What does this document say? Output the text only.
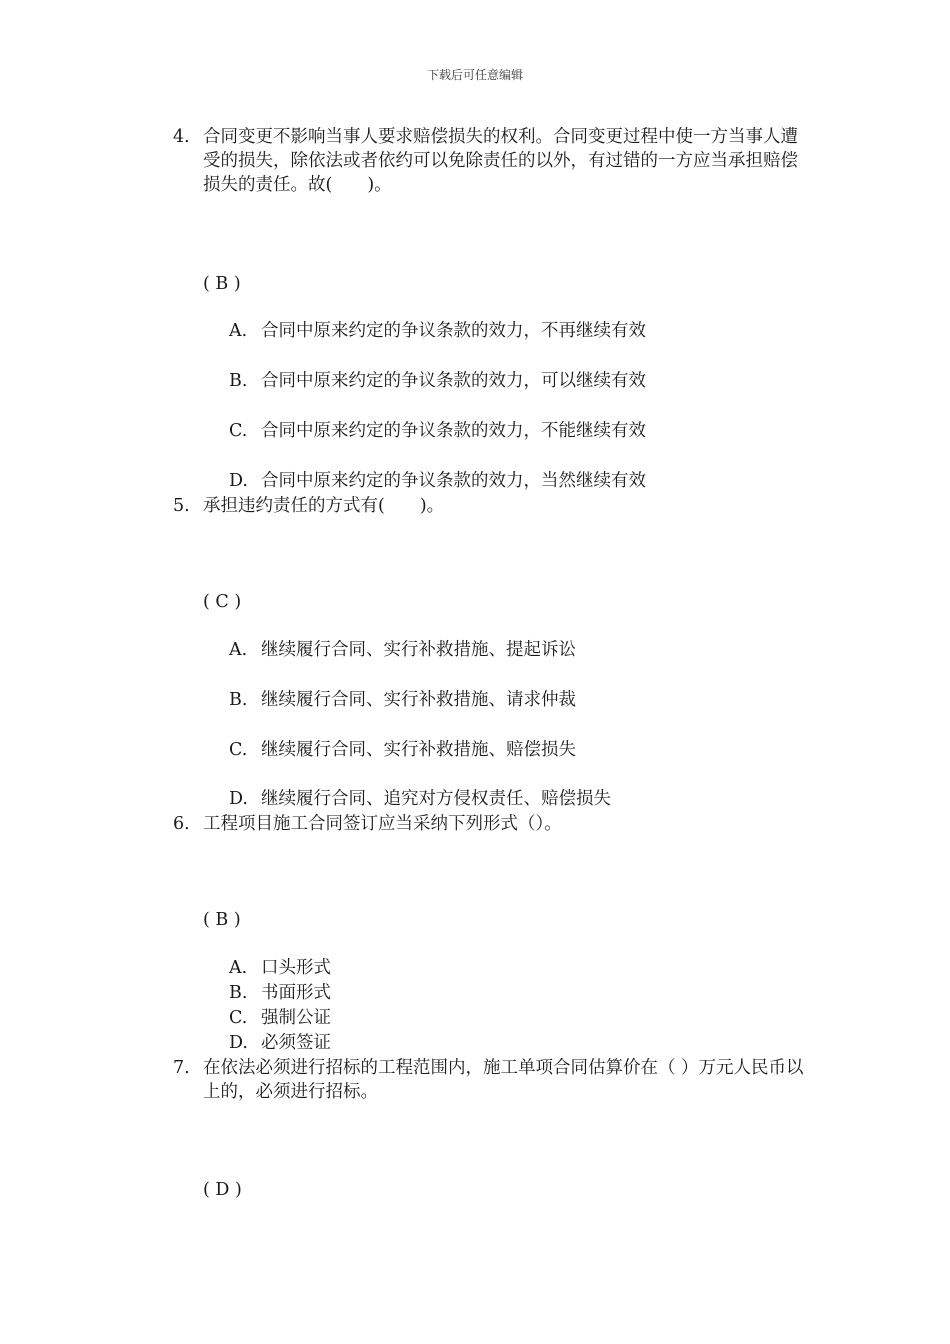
下载后可任意编辑
4. 合同变更不影响当事人要求赔偿损失的权利。合同变更过程中使一方当事人遭受的损失，除依法或者依约可以免除责任的以外，有过错的一方应当承担赔偿损失的责任。故(　　)。
( B )
A. 合同中原来约定的争议条款的效力，不再继续有效
B. 合同中原来约定的争议条款的效力，可以继续有效
C. 合同中原来约定的争议条款的效力，不能继续有效
D. 合同中原来约定的争议条款的效力，当然继续有效
5. 承担违约责任的方式有(　　)。
( C )
A. 继续履行合同、实行补救措施、提起诉讼
B. 继续履行合同、实行补救措施、请求仲裁
C. 继续履行合同、实行补救措施、赔偿损失
D. 继续履行合同、追究对方侵权责任、赔偿损失
6. 工程项目施工合同签订应当采纳下列形式（）。
( B )
A. 口头形式
B. 书面形式
C. 强制公证
D. 必须签证
7. 在依法必须进行招标的工程范围内，施工单项合同估算价在（ ）万元人民币以上的，必须进行招标。
( D )
